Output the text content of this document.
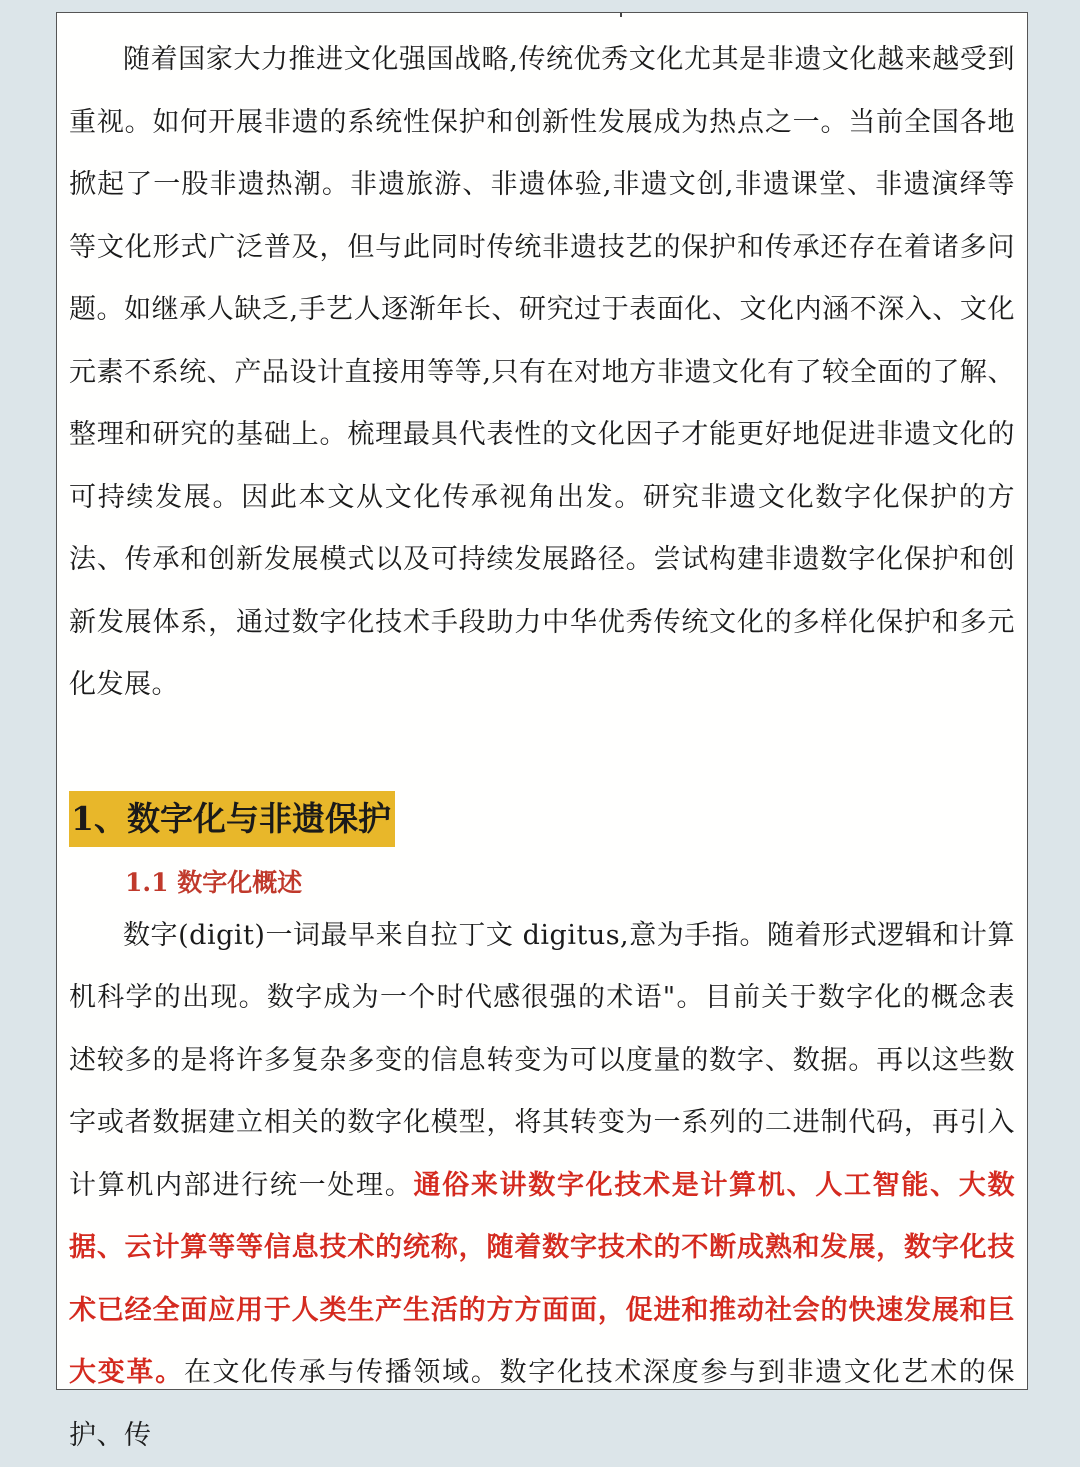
随着国家大力推进文化强国战略,传统优秀文化尤其是非遗文化越来越受到重视。如何开展非遗的系统性保护和创新性发展成为热点之一。当前全国各地掀起了一股非遗热潮。非遗旅游、非遗体验,非遗文创,非遗课堂、非遗演绎等等文化形式广泛普及，但与此同时传统非遗技艺的保护和传承还存在着诸多问题。如继承人缺乏,手艺人逐渐年长、研究过于表面化、文化内涵不深入、文化元素不系统、产品设计直接用等等,只有在对地方非遗文化有了较全面的了解、整理和研究的基础上。梳理最具代表性的文化因子才能更好地促进非遗文化的可持续发展。因此本文从文化传承视角出发。研究非遗文化数字化保护的方法、传承和创新发展模式以及可持续发展路径。尝试构建非遗数字化保护和创新发展体系，通过数字化技术手段助力中华优秀传统文化的多样化保护和多元化发展。

1、数字化与非遗保护
1.1 数字化概述

数字(digit)一词最早来自拉丁文 digitus,意为手指。随着形式逻辑和计算机科学的出现。数字成为一个时代感很强的术语"。目前关于数字化的概念表述较多的是将许多复杂多变的信息转变为可以度量的数字、数据。再以这些数字或者数据建立相关的数字化模型，将其转变为一系列的二进制代码，再引入计算机内部进行统一处理。通俗来讲数字化技术是计算机、人工智能、大数据、云计算等等信息技术的统称，随着数字技术的不断成熟和发展，数字化技术已经全面应用于人类生产生活的方方面面，促进和推动社会的快速发展和巨大变革。在文化传承与传播领域。数字化技术深度参与到非遗文化艺术的保护、传
